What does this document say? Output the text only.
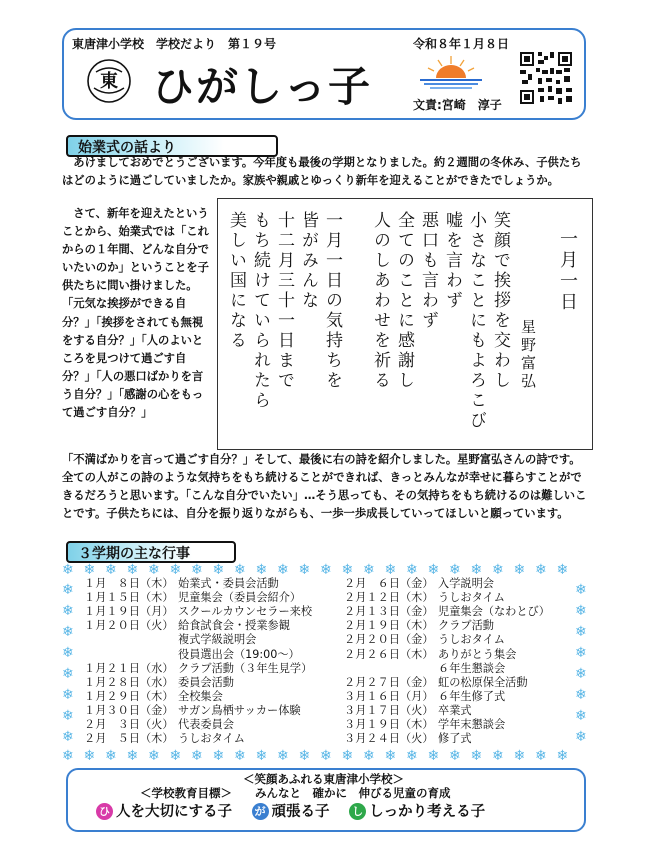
東唐津小学校　学校だより　第１９号	令和８年１月８日
東 ひがしっ子	文責:宮崎　淳子
始業式の話より
　あけましておめでとうございます。今年度も最後の学期となりました。約２週間の冬休み、子供たちはどのように過ごしていましたか。家族や親戚とゆっくり新年を迎えることができたでしょうか。
　さて、新年を迎えたということから、始業式では「これからの１年間、どんな自分でいたいのか」ということを子供たちに問い掛けました。「元気な挨拶ができる自分？」「挨拶をされても無視をする自分？」「人のよいところを見つけて過ごす自分？」「人の悪口ばかりを言う自分？」「感謝の心をもって過ごす自分？」
一月一日
星野富弘
笑顔で挨拶を交わし
小さなことにもよろこび
嘘を言わず
悪口も言わず
全てのことに感謝し
人のしあわせを祈る
一月一日の気持ちを
皆がみんな
十二月三十一日まで
もち続けていられたら
美しい国になる
「不満ばかりを言って過ごす自分？」そして、最後に右の詩を紹介しました。星野富弘さんの詩です。全ての人がこの詩のような気持ちをもち続けることができれば、きっとみんなが幸せに暮らすことができるだろうと思います。「こんな自分でいたい」…そう思っても、その気持ちをもち続けるのは難しいことです。子供たちには、自分を振り返りながらも、一歩一歩成長していってほしいと願っています。
３学期の主な行事
❄
❄
❄
❄
❄
❄
❄
❄
❄
❄
❄
❄
❄
❄
❄
❄
❄
❄
❄
❄
❄
❄
❄
❄
❄
❄
❄
❄
❄
❄
❄
❄
❄
❄
❄
❄
❄
❄
❄
❄
❄
❄
❄
❄
❄
❄
❄
❄
❄	❄
❄	❄
❄	❄
❄	❄
❄	❄
❄	❄
❄	❄
❄	❄
１月　８日（木） 始業式・委員会活動
１月１５日（木） 児童集会（委員会紹介）
１月１９日（月） スクールカウンセラー来校
１月２０日（火） 給食試食会・授業参観
複式学級説明会
役員選出会（19:00〜）
１月２１日（水） クラブ活動（３年生見学）
１月２８日（水） 委員会活動
１月２９日（木） 全校集会
１月３０日（金） サガン鳥栖サッカー体験
２月　３日（火） 代表委員会
２月　５日（木） うしおタイム
２月　６日（金） 入学説明会
２月１２日（木） うしおタイム
２月１３日（金） 児童集会（なわとび）
２月１９日（木） クラブ活動
２月２０日（金） うしおタイム
２月２６日（木） ありがとう集会
６年生懇談会
２月２７日（金） 虹の松原保全活動
３月１６日（月） ６年生修了式
３月１７日（火） 卒業式
３月１９日（木） 学年末懇談会
３月２４日（火） 修了式
＜笑顔あふれる東唐津小学校＞
＜学校教育目標＞　　 みんなと　確かに　伸びる児童の育成
ひ 人を大切にする子　 が 頑張る子　 し しっかり考える子
